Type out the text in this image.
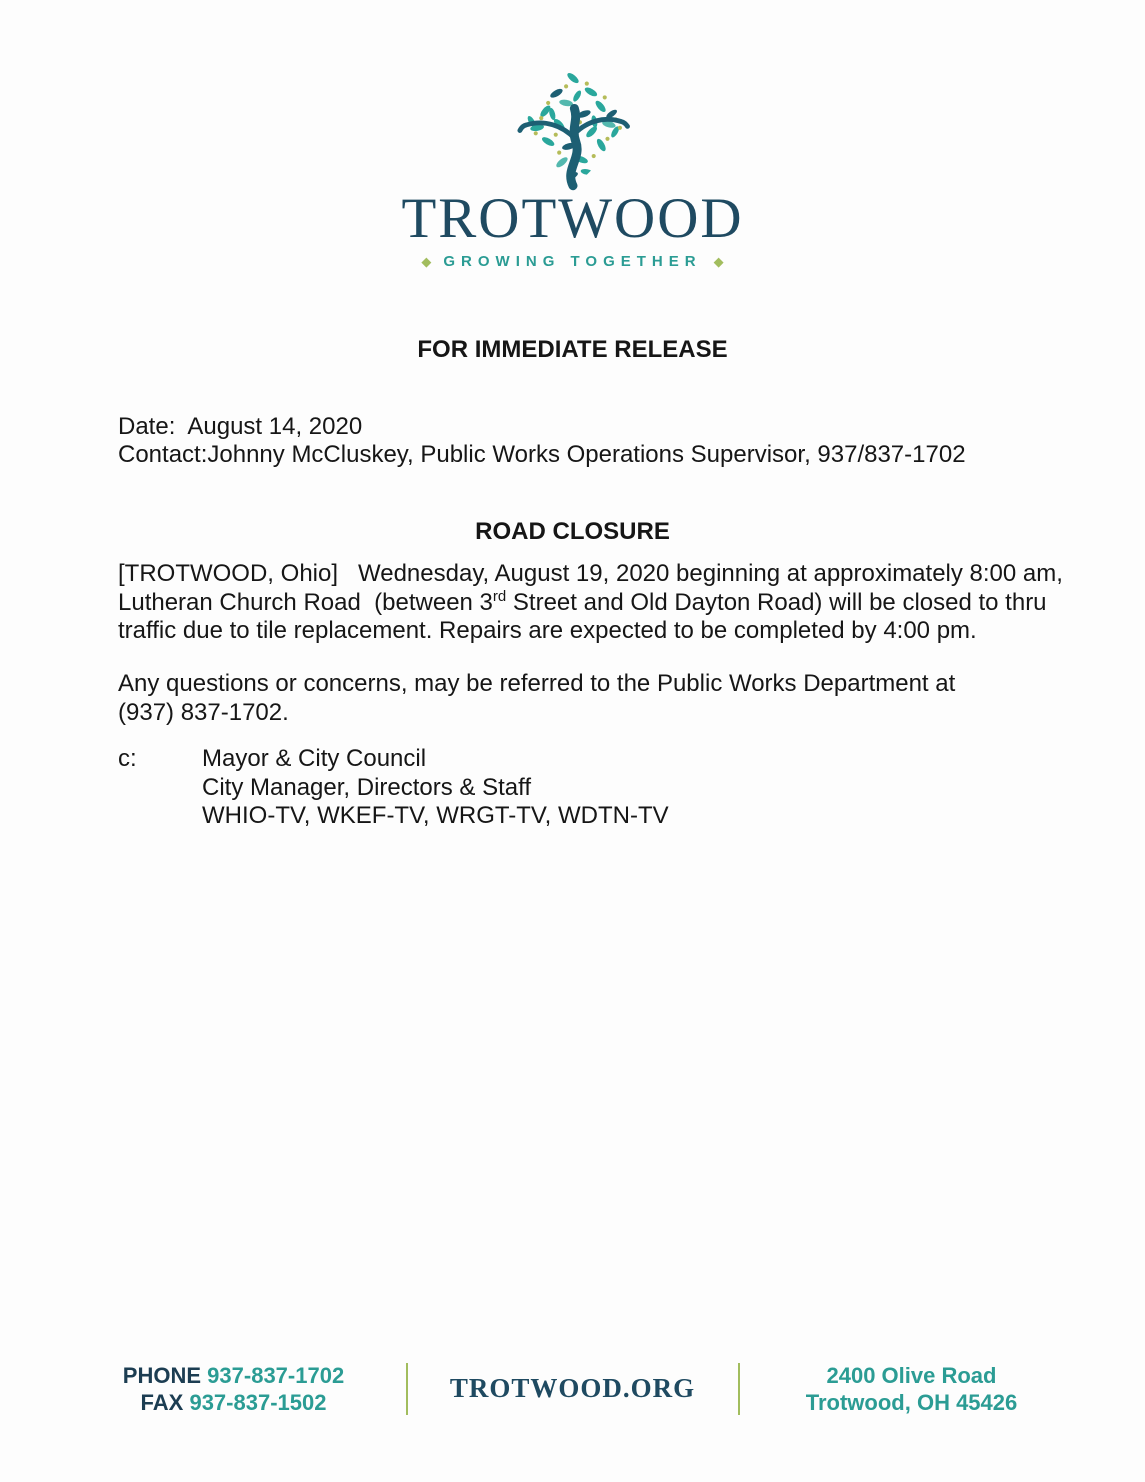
TROTWOOD
◆ GROWING TOGETHER ◆
FOR IMMEDIATE RELEASE
Date:  August 14, 2020
Contact:Johnny McCluskey, Public Works Operations Supervisor, 937/837-1702
ROAD CLOSURE
[TROTWOOD, Ohio]   Wednesday, August 19, 2020 beginning at approximately 8:00 am,
Lutheran Church Road  (between 3rd Street and Old Dayton Road) will be closed to thru
traffic due to tile replacement. Repairs are expected to be completed by 4:00 pm.
Any questions or concerns, may be referred to the Public Works Department at
(937) 837-1702.
c:	Mayor & City Council
City Manager, Directors & Staff
WHIO-TV, WKEF-TV, WRGT-TV, WDTN-TV
PHONE 937-837-1702
FAX 937-837-1502	TROTWOOD.ORG	2400 Olive Road
Trotwood, OH 45426
